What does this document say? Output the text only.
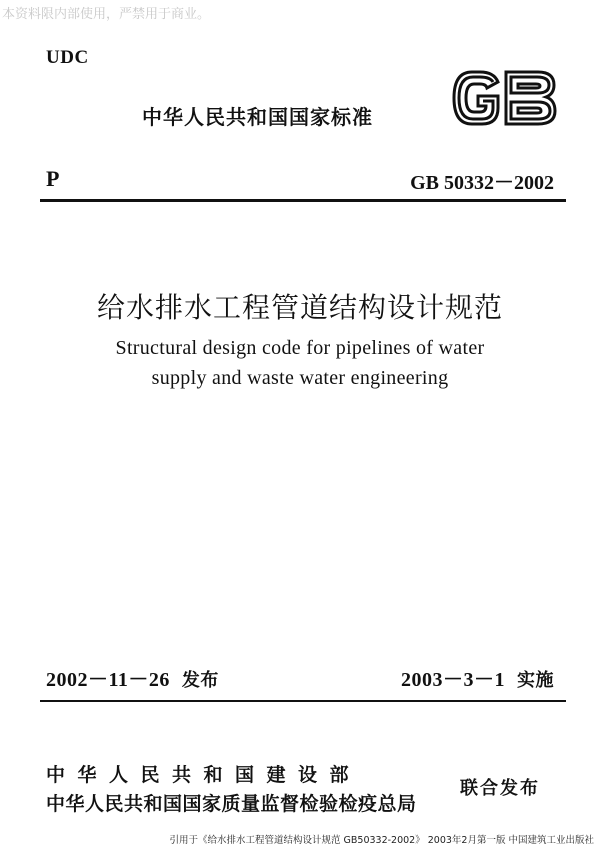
本资料限内部使用，严禁用于商业。
UDC
中华人民共和国国家标准
P	GB 50332－2002
给水排水工程管道结构设计规范
Structural design code for pipelines of water
supply and waste water engineering
2002－11－26 发布	2003－3－1 实施
中华人民共和国建设部
中华人民共和国国家质量监督检验检疫总局
联合发布
引用于《给水排水工程管道结构设计规范 GB50332-2002》 2003年2月第一版 中国建筑工业出版社
